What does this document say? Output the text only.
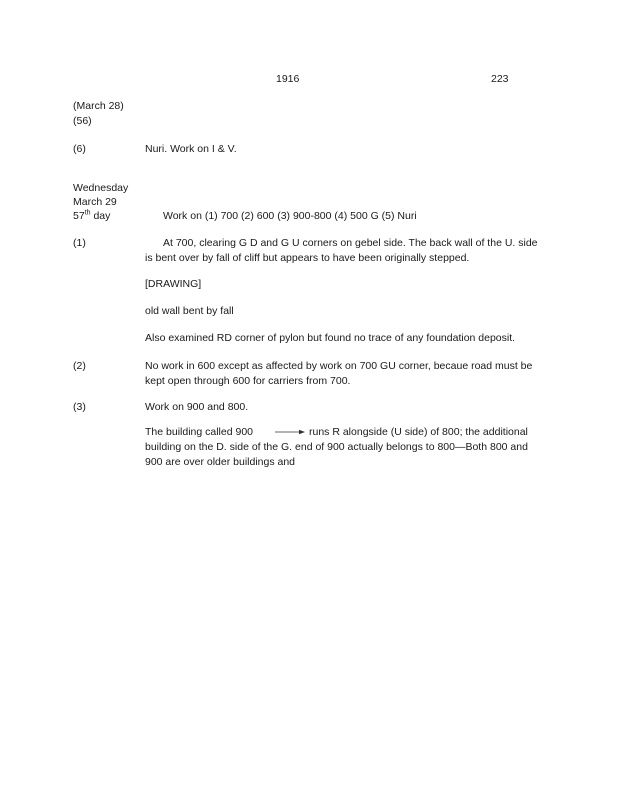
1916	223
(March 28)
(56)
(6)	Nuri. Work on I & V.
Wednesday
March 29
57th day	Work on (1) 700 (2) 600 (3) 900-800 (4) 500 G (5) Nuri
(1)	At 700, clearing G D and G U corners on gebel side. The back wall of the U. side is bent over by fall of cliff but appears to have been originally stepped.
[DRAWING]
old wall bent by fall
Also examined RD corner of pylon but found no trace of any foundation deposit.
(2)	No work in 600 except as affected by work on 700 GU corner, becaue road must be kept open through 600 for carriers from 700.
(3)	Work on 900 and 800.
The building called 900	runs R alongside (U side) of 800; the additional
building on the D. side of the G. end of 900 actually belongs to 800—Both 800 and 900 are over older buildings and
